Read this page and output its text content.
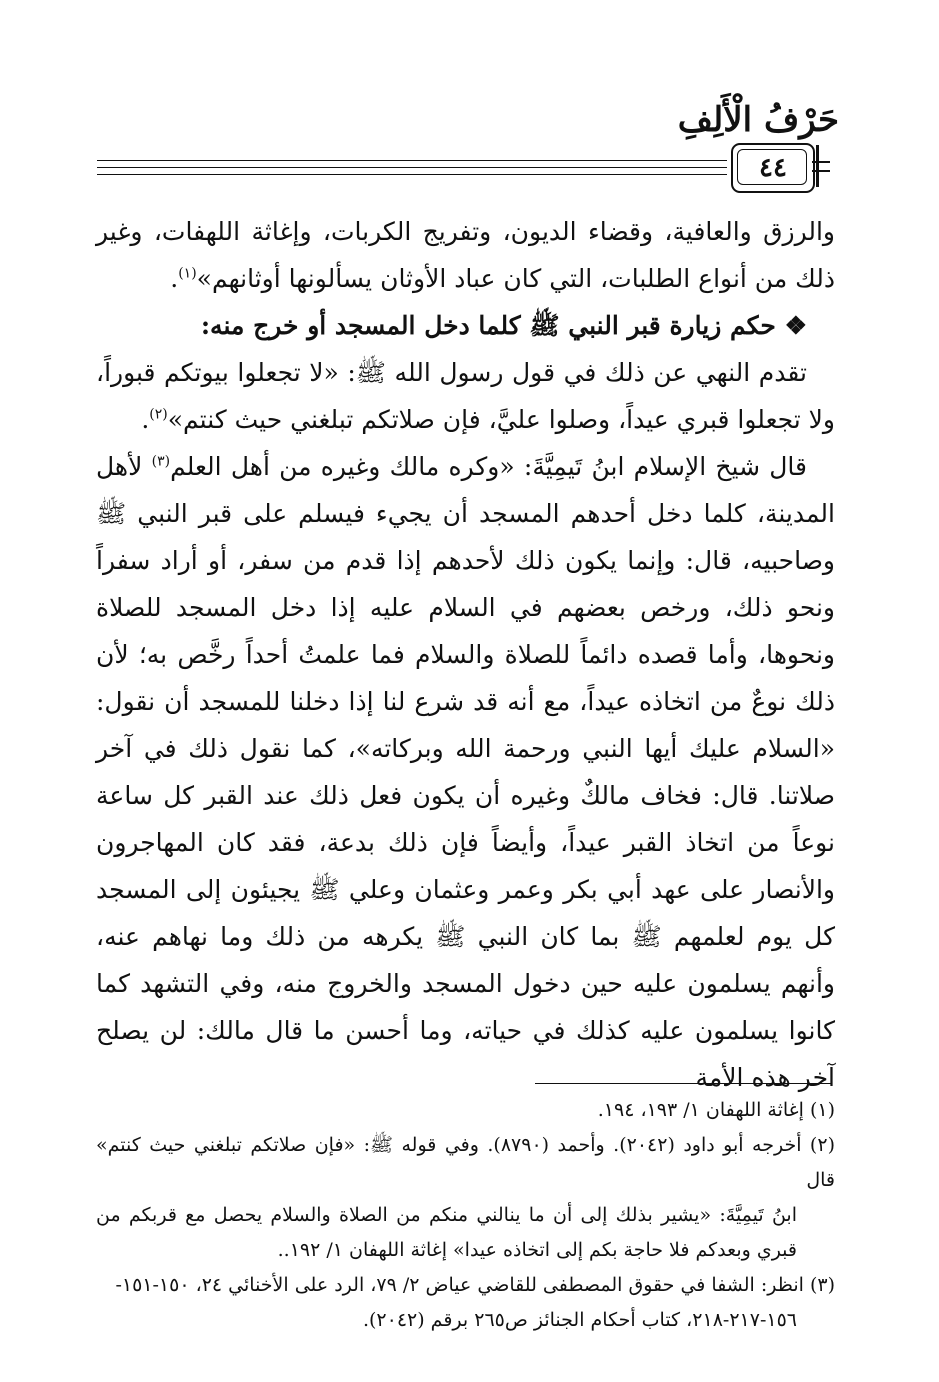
حَرْفُ الْأَلِفِ
٤٤

والرزق والعافية، وقضاء الديون، وتفريج الكربات، وإغاثة اللهفات، وغير ذلك من أنواع الطلبات، التي كان عباد الأوثان يسألونها أوثانهم»$^{(١)}$.

❖ حكم زيارة قبر النبي ﷺ كلما دخل المسجد أو خرج منه:

تقدم النهي عن ذلك في قول رسول الله ﷺ: «لا تجعلوا بيوتكم قبوراً، ولا تجعلوا قبري عيداً، وصلوا عليَّ، فإن صلاتكم تبلغني حيث كنتم»$^{(٢)}$.

قال شيخ الإسلام ابنُ تَيمِيَّةَ: «وكره مالك وغيره من أهل العلم$^{(٣)}$ لأهل المدينة، كلما دخل أحدهم المسجد أن يجيء فيسلم على قبر النبي ﷺ وصاحبيه، قال: وإنما يكون ذلك لأحدهم إذا قدم من سفر، أو أراد سفراً ونحو ذلك، ورخص بعضهم في السلام عليه إذا دخل المسجد للصلاة ونحوها، وأما قصده دائماً للصلاة والسلام فما علمتُ أحداً رخَّص به؛ لأن ذلك نوعٌ من اتخاذه عيداً، مع أنه قد شرع لنا إذا دخلنا للمسجد أن نقول: «السلام عليك أيها النبي ورحمة الله وبركاته»، كما نقول ذلك في آخر صلاتنا. قال: فخاف مالكٌ وغيره أن يكون فعل ذلك عند القبر كل ساعة نوعاً من اتخاذ القبر عيداً، وأيضاً فإن ذلك بدعة، فقد كان المهاجرون والأنصار على عهد أبي بكر وعمر وعثمان وعلي ﷺ يجيئون إلى المسجد كل يوم لعلمهم ﷺ بما كان النبي ﷺ يكرهه من ذلك وما نهاهم عنه، وأنهم يسلمون عليه حين دخول المسجد والخروج منه، وفي التشهد كما كانوا يسلمون عليه كذلك في حياته، وما أحسن ما قال مالك: لن يصلح آخر هذه الأمة

(١) إغاثة اللهفان ١/ ١٩٣، ١٩٤.

(٢) أخرجه أبو داود (٢٠٤٢). وأحمد (٨٧٩٠). وفي قوله ﷺ: «فإن صلاتكم تبلغني حيث كنتم» قال

ابنُ تَيمِيَّةَ: «يشير بذلك إلى أن ما ينالني منكم من الصلاة والسلام يحصل مع قربكم من قبري وبعدكم فلا حاجة بكم إلى اتخاذه عيدا» إغاثة اللهفان ١/ ١٩٢..

(٣) انظر: الشفا في حقوق المصطفى للقاضي عياض ٢/ ٧٩، الرد على الأخنائي ٢٤، ١٥٠-١٥١-

١٥٦-٢١٧-٢١٨، كتاب أحكام الجنائز ص٢٦٥ برقم (٢٠٤٢).
